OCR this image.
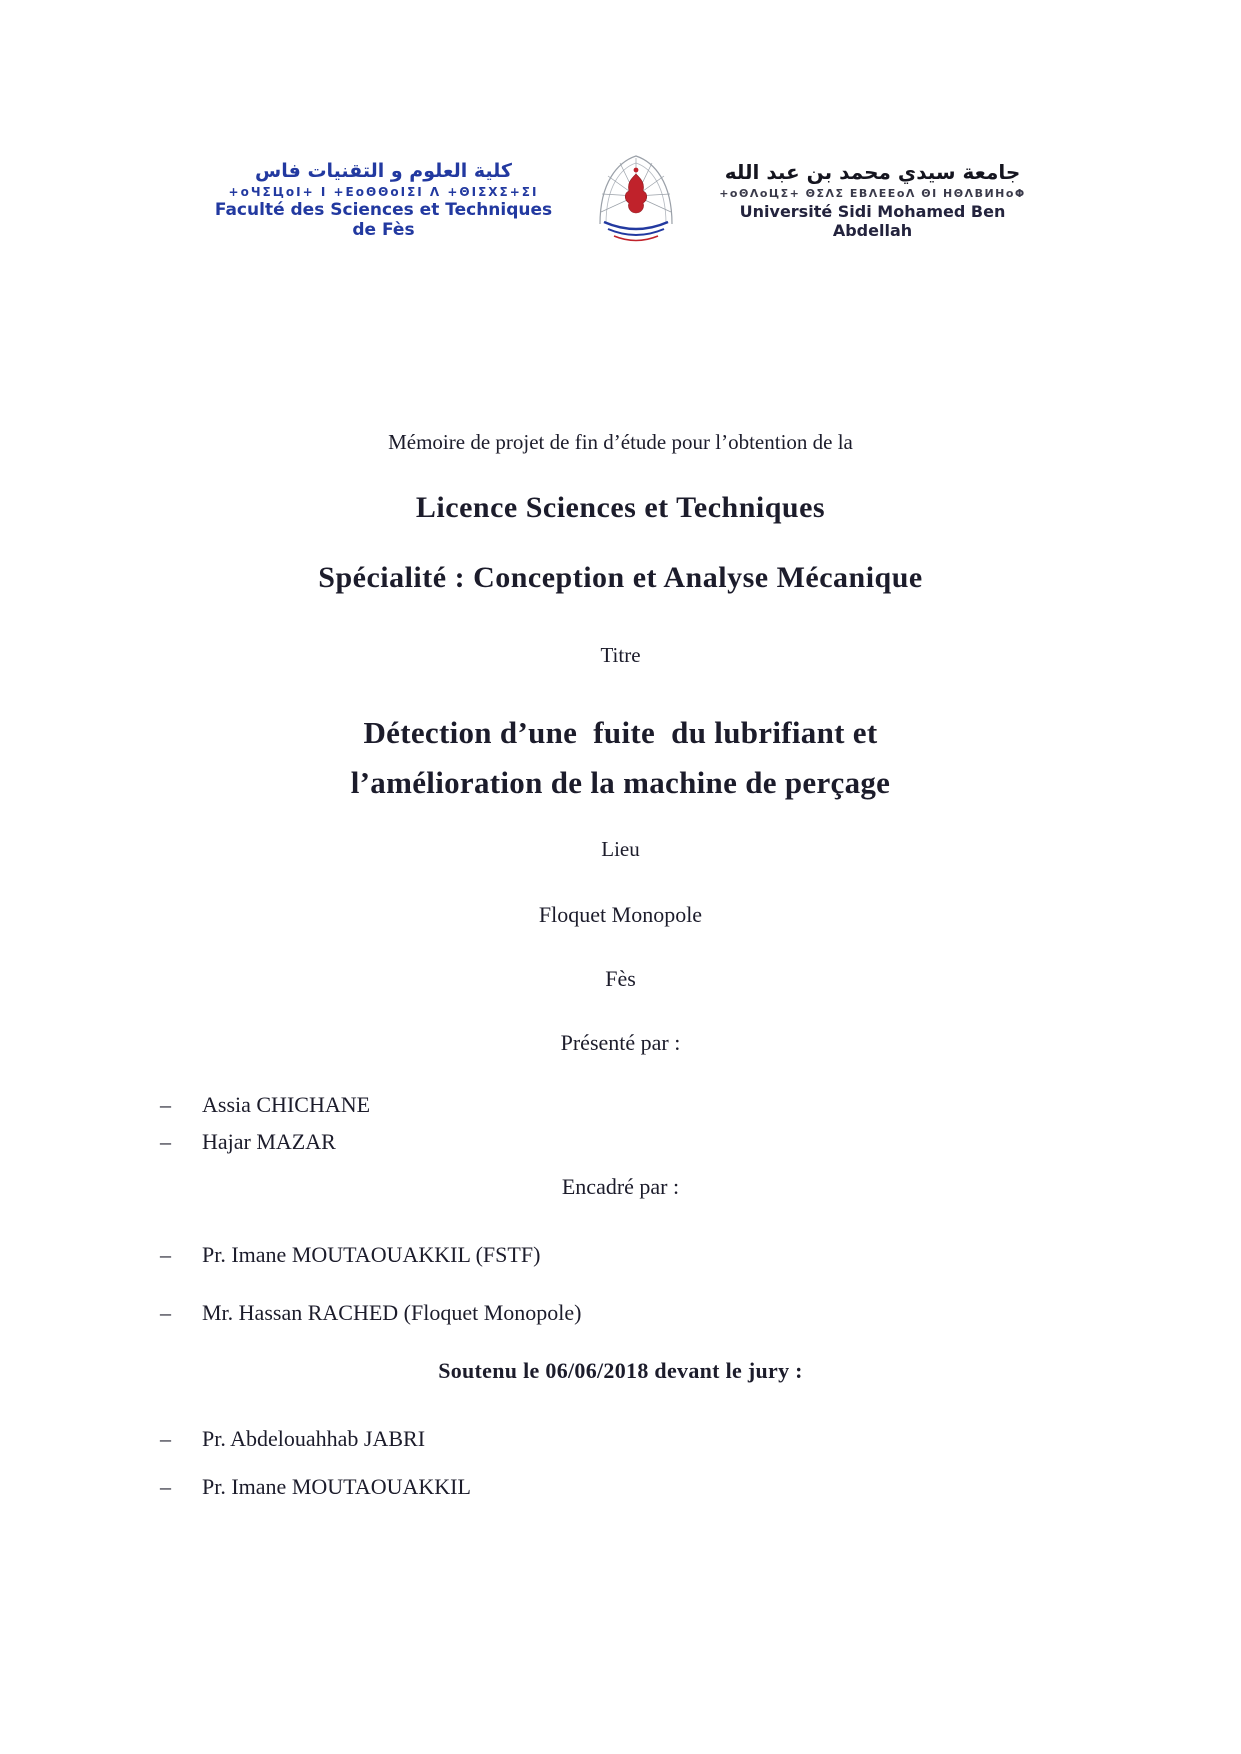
كلية العلوم و التقنيات فاس
+oЧΣЦoI+ I +ΕoΘΘoΙΣΙ Λ +ΘΙΣΧΣ+ΣΙ
Faculté des Sciences et Techniques de Fès
جامعة سيدي محمد بن عبد الله
+oΘΛoЦΣ+ ΘΣΛΣ ΕBΛΕΕoΛ ΘΙ ΗΘΛBИΗoΦ
Université Sidi Mohamed Ben Abdellah

Mémoire de projet de fin d’étude pour l’obtention de la

Licence Sciences et Techniques
Spécialité : Conception et Analyse Mécanique

Titre

Détection d’une  fuite  du lubrifiant et
l’amélioration de la machine de perçage

Lieu

Floquet Monopole

Fès

Présenté par :

–	Assia CHICHANE
–	Hajar MAZAR

Encadré par :

–	Pr. Imane MOUTAOUAKKIL (FSTF)
–	Mr. Hassan RACHED (Floquet Monopole)

Soutenu le 06/06/2018 devant le jury :

–	Pr. Abdelouahhab JABRI
–	Pr. Imane MOUTAOUAKKIL
